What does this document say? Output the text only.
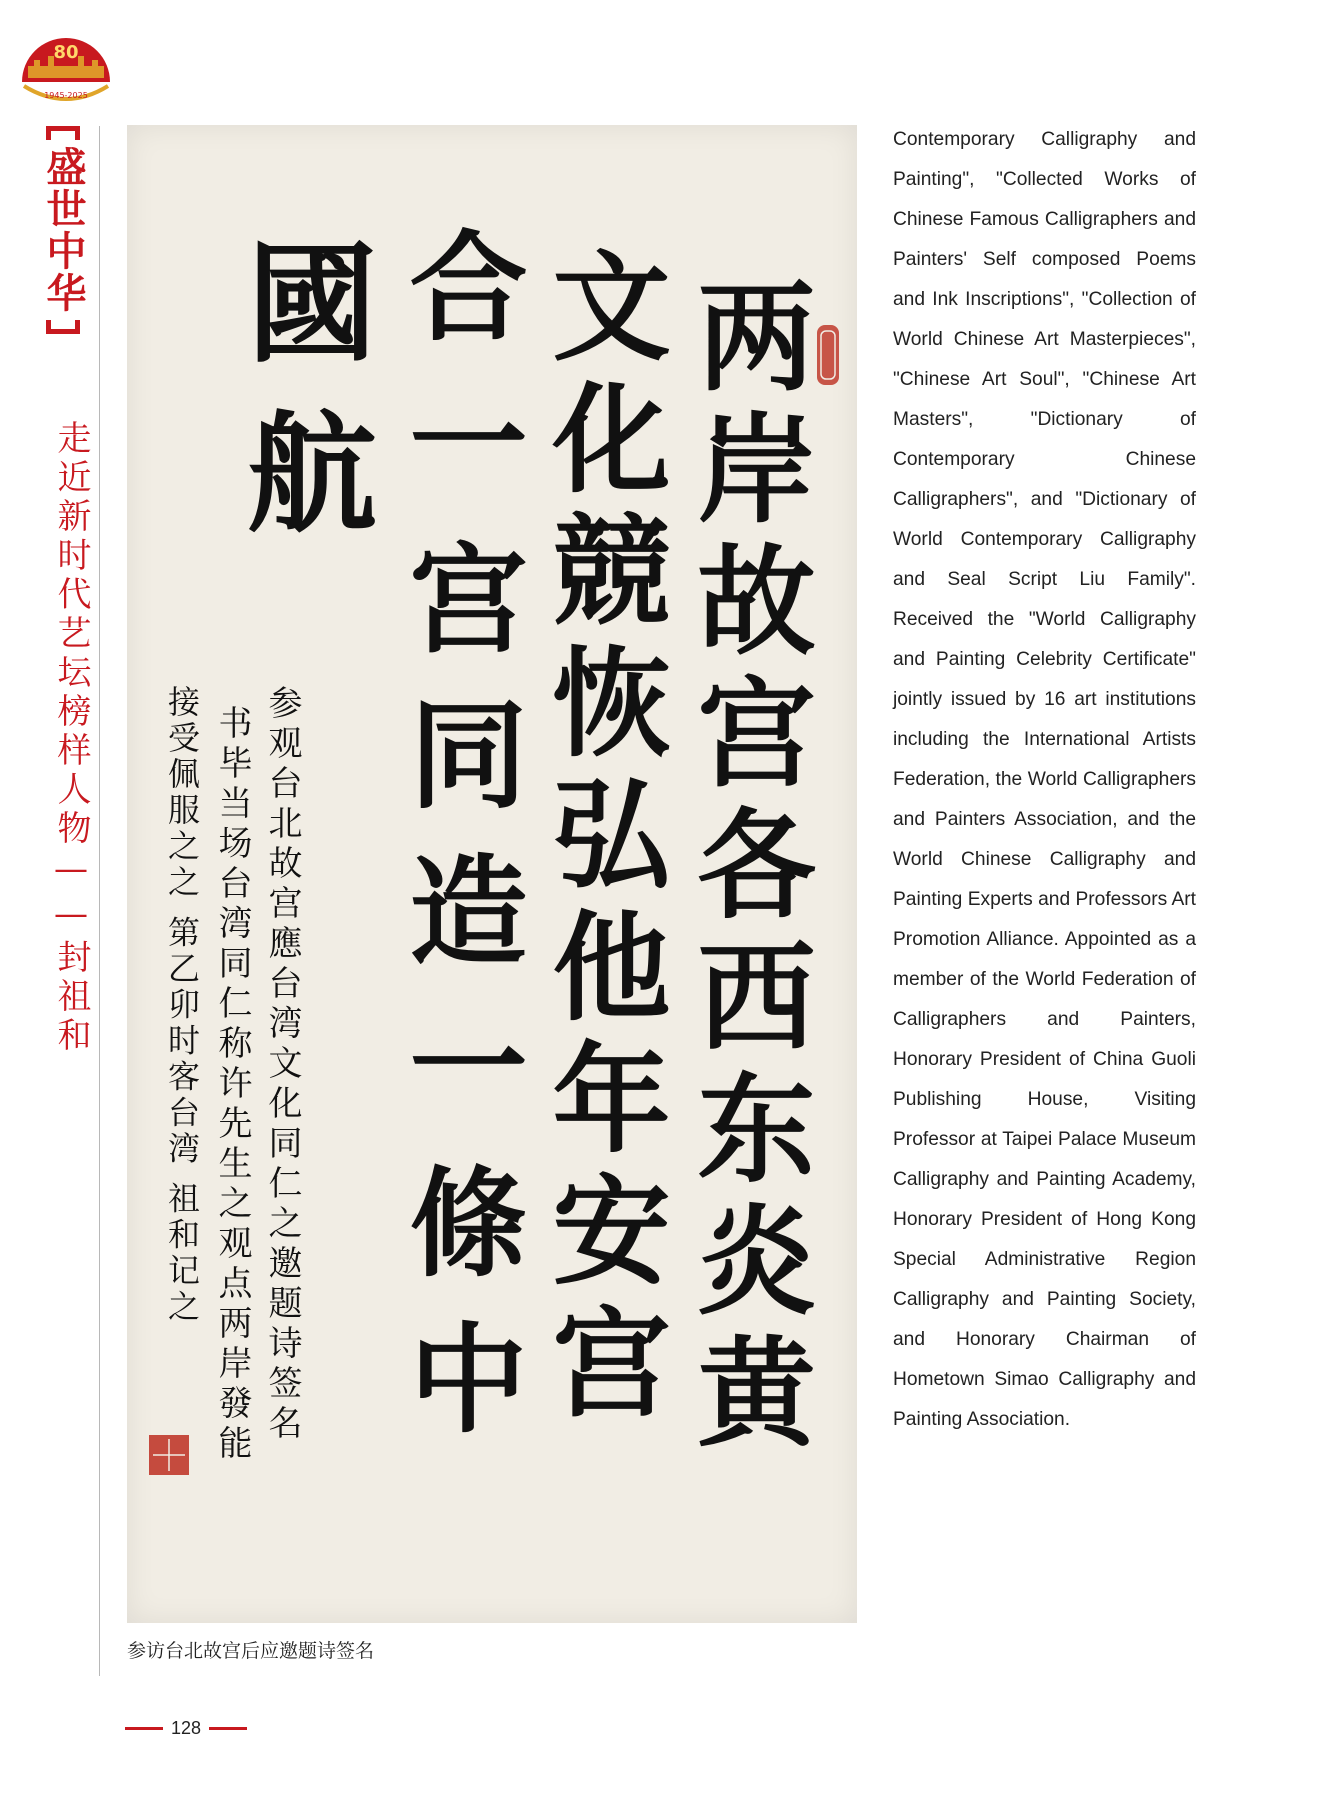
80
1945-2025
盛世中华
走近新时代艺坛榜样人物——封祖和	两岸故宫各西东炎黄
文化競恢弘他年安宫
合一宫同造一條中
國航
参观台北故宫應台湾文化同仁之邀题诗签名
书毕当场台湾同仁称许先生之观点两岸發能
接受佩服之之 第乙卯时客台湾 祖和记之
参访台北故宫后应邀题诗签名
Contemporary Calligraphy and Painting", "Collected Works of Chinese Famous Calligraphers and Painters' Self composed Poems and Ink Inscriptions", "Collection of World Chinese Art Masterpieces", "Chinese Art Soul", "Chinese Art Masters", "Dictionary of Contemporary Chinese Calligraphers", and "Dictionary of World Contemporary Calligraphy and Seal Script Liu Family". Received the "World Calligraphy and Painting Celebrity Certificate" jointly issued by 16 art institutions including the International Artists Federation, the World Calligraphers and Painters Association, and the World Chinese Calligraphy and Painting Experts and Professors Art Promotion Alliance. Appointed as a member of the World Federation of Calligraphers and Painters, Honorary President of China Guoli Publishing House, Visiting Professor at Taipei Palace Museum Calligraphy and Painting Academy, Honorary President of Hong Kong Special Administrative Region Calligraphy and Painting Society, and Honorary Chairman of Hometown Simao Calligraphy and Painting Association.
128
